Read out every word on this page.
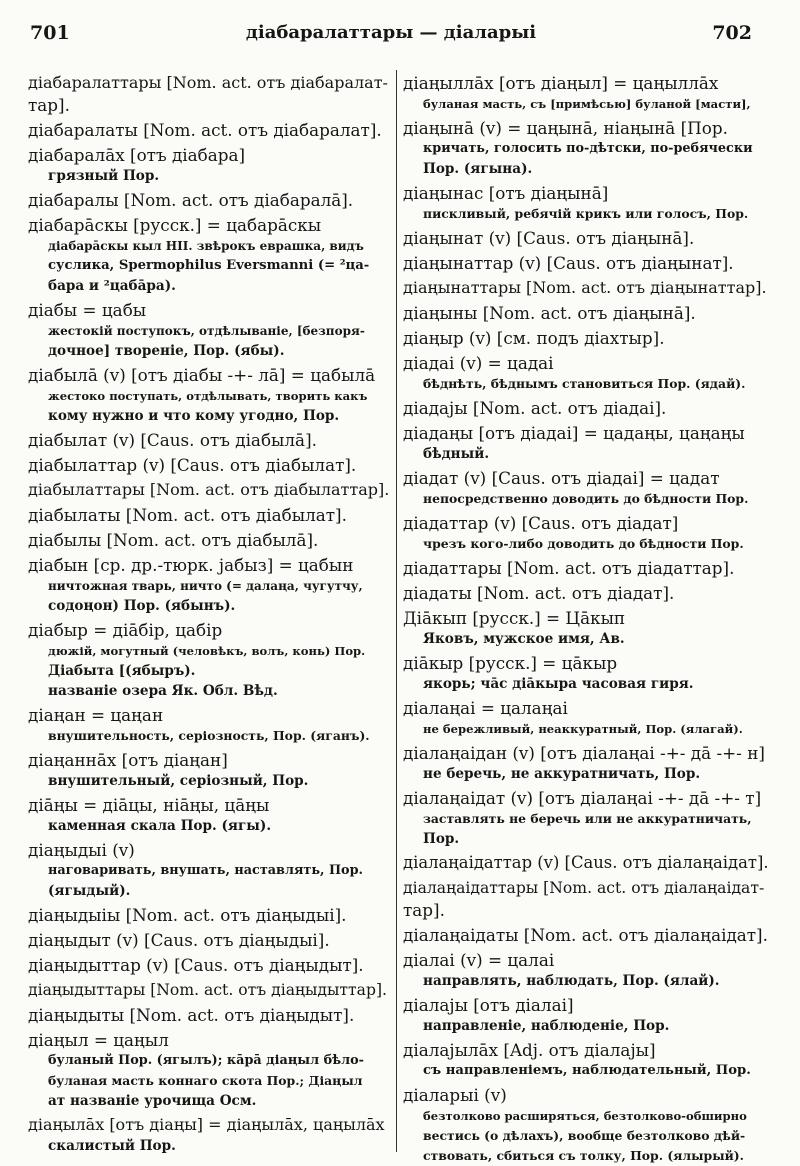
701	діабаралаттары — діаларыі	702
діабаралаттары [Nom. act. отъ діабаралат-
тар].
діабаралаты [Nom. act. отъ діабаралат].
діабаралāх [отъ діабара]
грязный Пор.
діабаралы [Nom. act. отъ діабаралā].
діабарāскы [русск.] = цабарāскы
діабарāскы кыл НІІ. звѣрокъ еврашка, видъ
суслика, Spermophilus Eversmanni (= ²ца-
бара и ²цабāра).
діабы = цабы
жестокій поступокъ, отдѣлываніе, [безпоря-
дочное] твореніе, Пор. (ябы).
діабылā (v) [отъ діабы -+- лā] = цабылā
жестоко поступать, отдѣлывать, творить какъ
кому нужно и что кому угодно, Пор.
діабылат (v) [Caus. отъ діабылā].
діабылаттар (v) [Caus. отъ діабылат].
діабылаттары [Nom. act. отъ діабылаттар].
діабылаты [Nom. act. отъ діабылат].
діабылы [Nom. act. отъ діабылā].
діабын [ср. др.-тюрк. јабыз] = цабын
ничтожная тварь, ничто (= далаңа, чугутчу,
содоңон) Пор. (ябынъ).
діабыр = діāбір, цабір
дюжій, могутный (человѣкъ, волъ, конь) Пор.
Діабыта [(ябыръ).
названіе озера Як. Обл. Вѣд.
діаңан = цаңан
внушительность, серіозность, Пор. (яганъ).
діаңаннāх [отъ діаңан]
внушительный, серіозный, Пор.
діāңы = діāцы, ніāңы, цāңы
каменная скала Пор. (ягы).
діаңыдыі (v)
наговаривать, внушать, наставлять, Пор.
(ягыдый).
діаңыдыіы [Nom. act. отъ діаңыдыі].
діаңыдыт (v) [Caus. отъ діаңыдыі].
діаңыдыттар (v) [Caus. отъ діаңыдыт].
діаңыдыттары [Nom. act. отъ діаңыдыттар].
діаңыдыты [Nom. act. отъ діаңыдыт].
діаңыл = цаңыл
буланый Пор. (ягылъ); кāрā діаңыл бѣло-
буланая масть коннаго скота Пор.; Діаңыл
ат названіе урочища Осм.
діаңылāх [отъ діаңы] = діаңылāх, цаңылāх
скалистый Пор.
діаңыллāх [отъ діаңыл] = цаңыллāх
буланая масть, съ [примѣсью] буланой [масти],
діаңынā (v) = цаңынā, ніаңынā [Пор.
кричать, голосить по-дѣтски, по-ребячески
Пор. (ягына).
діаңынас [отъ діаңынā]
пискливый, ребячій крикъ или голосъ, Пор.
діаңынат (v) [Caus. отъ діаңынā].
діаңынаттар (v) [Caus. отъ діаңынат].
діаңынаттары [Nom. act. отъ діаңынаттар].
діаңыны [Nom. act. отъ діаңынā].
діаңыр (v) [см. подъ діахтыр].
діадаі (v) = цадаі
бѣднѣть, бѣднымъ становиться Пор. (ядай).
діадајы [Nom. act. отъ діадаі].
діадаңы [отъ діадаі] = цадаңы, цаңаңы
бѣдный.
діадат (v) [Caus. отъ діадаі] = цадат
непосредственно доводить до бѣдности Пор.
діадаттар (v) [Caus. отъ діадат]
чрезъ кого-либо доводить до бѣдности Пор.
діадаттары [Nom. act. отъ діадаттар].
діадаты [Nom. act. отъ діадат].
Діāкып [русск.] = Цāкып
Яковъ, мужское имя, Ав.
діāкыр [русск.] = цāкыр
якорь; чāс діāкыра часовая гиря.
діалаңаі = цалаңаі
не бережливый, неаккуратный, Пор. (ялагай).
діалаңаідан (v) [отъ діалаңаі -+- дā -+- н]
не беречь, не аккуратничать, Пор.
діалаңаідат (v) [отъ діалаңаі -+- дā -+- т]
заставлять не беречь или не аккуратничать,
Пор.
діалаңаідаттар (v) [Caus. отъ діалаңаідат].
діалаңаідаттары [Nom. act. отъ діалаңаідат-
тар].
діалаңаідаты [Nom. act. отъ діалаңаідат].
діалаі (v) = цалаі
направлять, наблюдать, Пор. (ялай).
діалајы [отъ діалаі]
направленіе, наблюденіе, Пор.
діалајылāх [Adj. отъ діалајы]
съ направленіемъ, наблюдательный, Пор.
діаларыі (v)
безтолково расширяться, безтолково-обширно
вестись (о дѣлахъ), вообще безтолково дѣй-
ствовать, сбиться съ толку, Пор. (ялырый).
